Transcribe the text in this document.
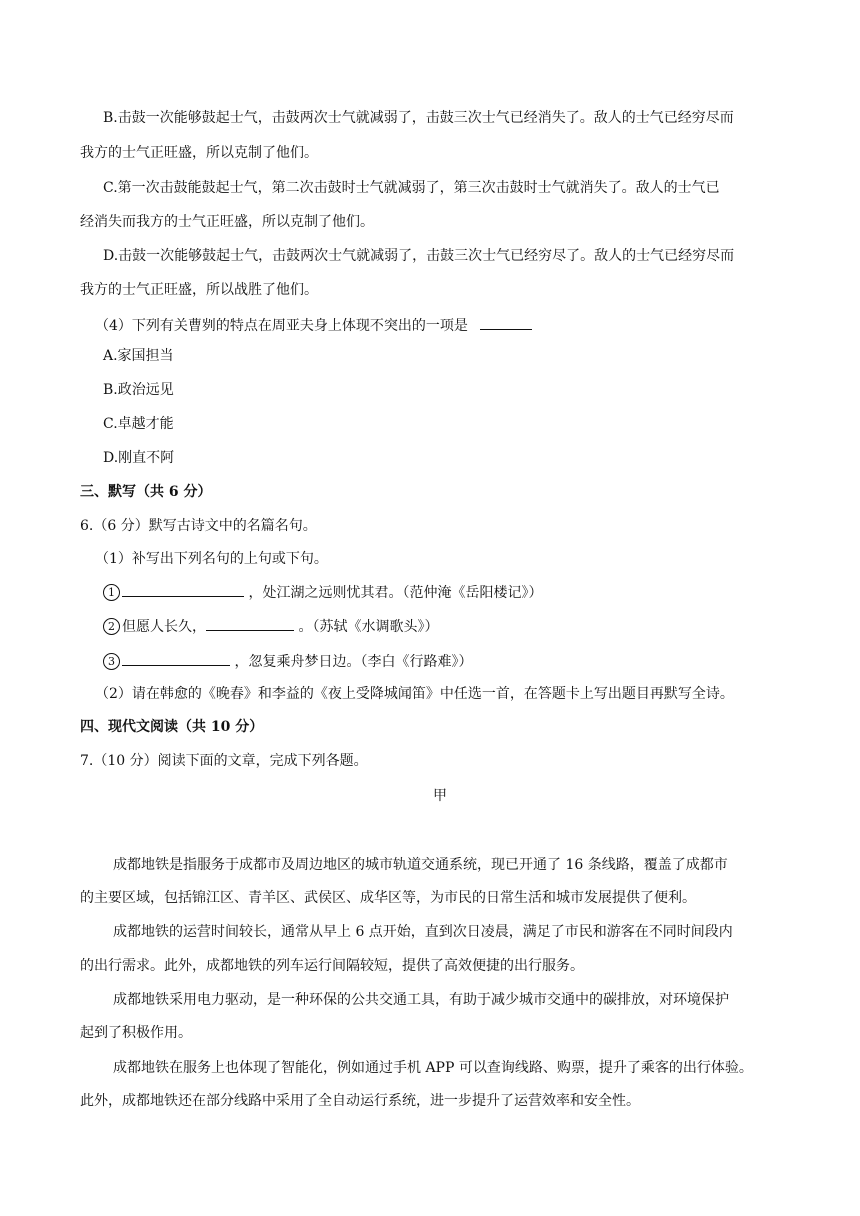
B.击鼓一次能够鼓起士气，击鼓两次士气就减弱了，击鼓三次士气已经消失了。敌人的士气已经穷尽而
我方的士气正旺盛，所以克制了他们。
C.第一次击鼓能鼓起士气，第二次击鼓时士气就减弱了，第三次击鼓时士气就消失了。敌人的士气已
经消失而我方的士气正旺盛，所以克制了他们。
D.击鼓一次能够鼓起士气，击鼓两次士气就减弱了，击鼓三次士气已经穷尽了。敌人的士气已经穷尽而
我方的士气正旺盛，所以战胜了他们。
（4）下列有关曹刿的特点在周亚夫身上体现不突出的一项是
A.家国担当
B.政治远见
C.卓越才能
D.刚直不阿
三、默写（共 6 分）
6.（6 分）默写古诗文中的名篇名句。
（1）补写出下列名句的上句或下句。
1	，处江湖之远则忧其君。（范仲淹《岳阳楼记》）
2 但愿人长久，	。（苏轼《水调歌头》）
3	，忽复乘舟梦日边。（李白《行路难》）
（2）请在韩愈的《晚春》和李益的《夜上受降城闻笛》中任选一首，在答题卡上写出题目再默写全诗。
四、现代文阅读（共 10 分）
7.（10 分）阅读下面的文章，完成下列各题。
甲
成都地铁是指服务于成都市及周边地区的城市轨道交通系统，现已开通了 16 条线路，覆盖了成都市
的主要区域，包括锦江区、青羊区、武侯区、成华区等，为市民的日常生活和城市发展提供了便利。
成都地铁的运营时间较长，通常从早上 6 点开始，直到次日凌晨，满足了市民和游客在不同时间段内
的出行需求。此外，成都地铁的列车运行间隔较短，提供了高效便捷的出行服务。
成都地铁采用电力驱动，是一种环保的公共交通工具，有助于减少城市交通中的碳排放，对环境保护
起到了积极作用。
成都地铁在服务上也体现了智能化，例如通过手机 APP 可以查询线路、购票，提升了乘客的出行体验。
此外，成都地铁还在部分线路中采用了全自动运行系统，进一步提升了运营效率和安全性。
